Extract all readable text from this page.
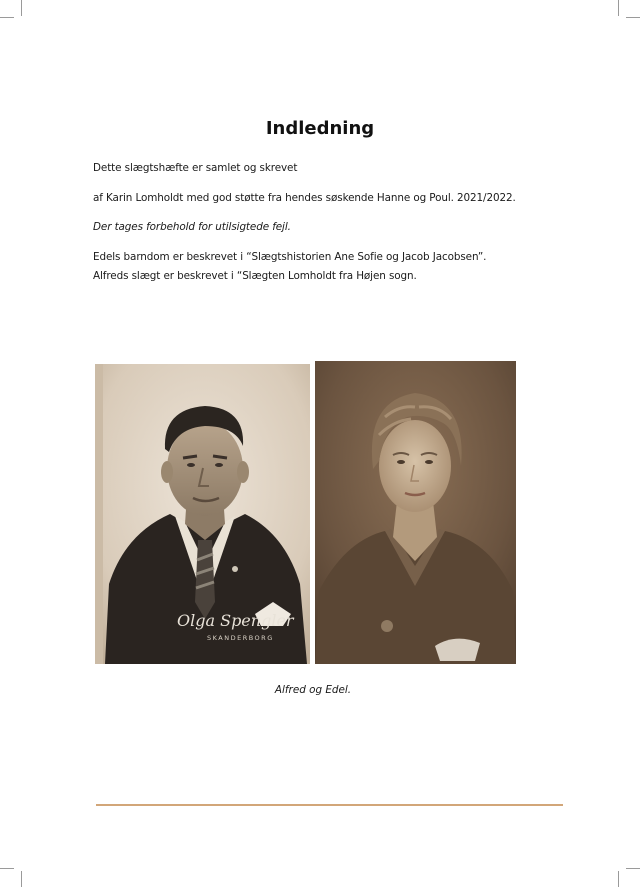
Indledning
Dette slægtshæfte er samlet og skrevet
af Karin Lomholdt med god støtte fra hendes søskende Hanne og Poul. 2021/2022.
Der tages forbehold for utilsigtede fejl.
Edels barndom er beskrevet i “Slægtshistorien Ane Sofie og Jacob Jacobsen”.
Alfreds slægt er beskrevet i “Slægten Lomholdt fra Højen sogn.
Olga Spengler
SKANDERBORG
Alfred og Edel.
